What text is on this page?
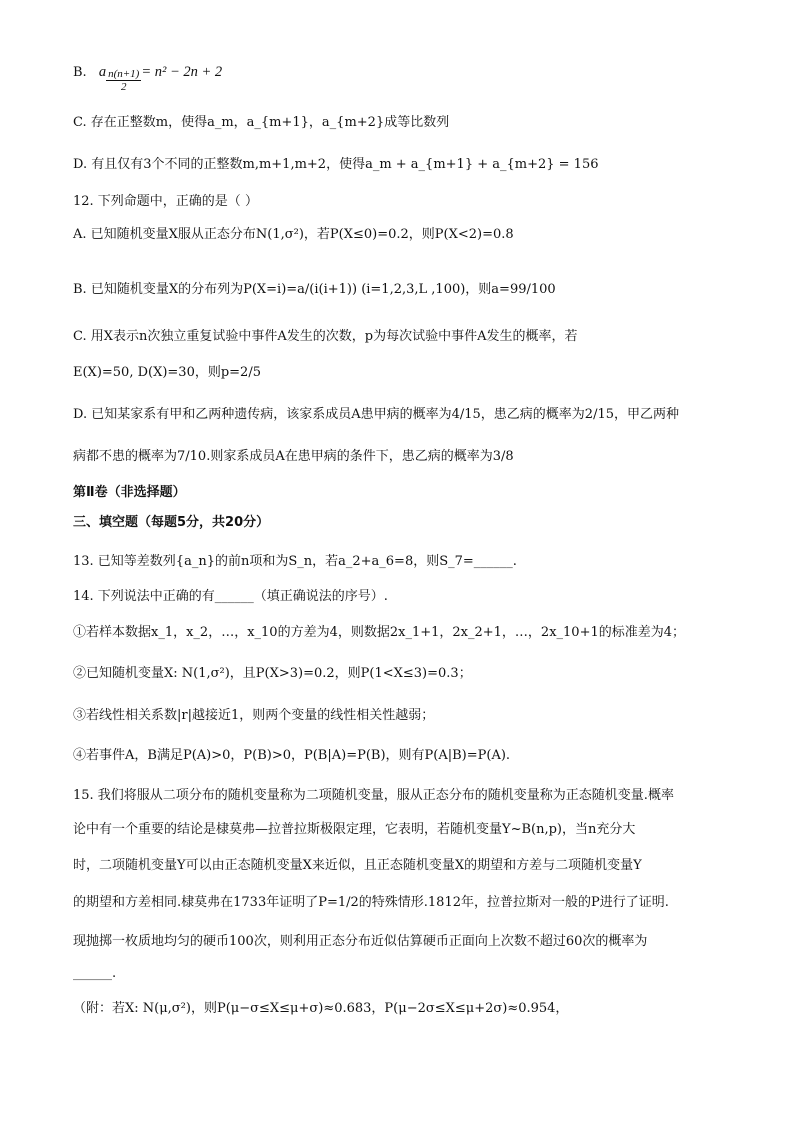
B. a $\frac{n(n+1)}{2} = n^2 - 2n + 2$
C. 存在正整数m，使得a_m，a_{m+1}，a_{m+2}成等比数列
D. 有且仅有3个不同的正整数m,m+1,m+2，使得a_m + a_{m+1} + a_{m+2} = 156
12. 下列命题中，正确的是（ ）
A. 已知随机变量X服从正态分布N(1,σ²)，若P(X≤0)=0.2，则P(X<2)=0.8
B. 已知随机变量X的分布列为P(X=i)=a/(i(i+1)) (i=1,2,3,L ,100)，则a=99/100
C. 用X表示n次独立重复试验中事件A发生的次数，p为每次试验中事件A发生的概率，若
E(X)=50, D(X)=30，则p=2/5
D. 已知某家系有甲和乙两种遗传病，该家系成员A患甲病的概率为4/15，患乙病的概率为2/15，甲乙两种
病都不患的概率为7/10.则家系成员A在患甲病的条件下，患乙病的概率为3/8
第Ⅱ卷（非选择题）
三、填空题（每题5分，共20分）
13. 已知等差数列{a_n}的前n项和为S_n，若a_2+a_6=8，则S_7=______.
14. 下列说法中正确的有______（填正确说法的序号）.
①若样本数据x_1，x_2，…，x_10的方差为4，则数据2x_1+1，2x_2+1，…，2x_10+1的标准差为4；
②已知随机变量X: N(1,σ²)，且P(X>3)=0.2，则P(1<X≤3)=0.3；
③若线性相关系数|r|越接近1，则两个变量的线性相关性越弱；
④若事件A，B满足P(A)>0，P(B)>0，P(B|A)=P(B)，则有P(A|B)=P(A).
15. 我们将服从二项分布的随机变量称为二项随机变量，服从正态分布的随机变量称为正态随机变量.概率
论中有一个重要的结论是棣莫弗—拉普拉斯极限定理，它表明，若随机变量Y~B(n,p)，当n充分大
时，二项随机变量Y可以由正态随机变量X来近似，且正态随机变量X的期望和方差与二项随机变量Y
的期望和方差相同.棣莫弗在1733年证明了P=1/2的特殊情形.1812年，拉普拉斯对一般的P进行了证明.
现抛掷一枚质地均匀的硬币100次，则利用正态分布近似估算硬币正面向上次数不超过60次的概率为
______.
（附：若X: N(μ,σ²)，则P(μ−σ≤X≤μ+σ)≈0.683，P(μ−2σ≤X≤μ+2σ)≈0.954，
